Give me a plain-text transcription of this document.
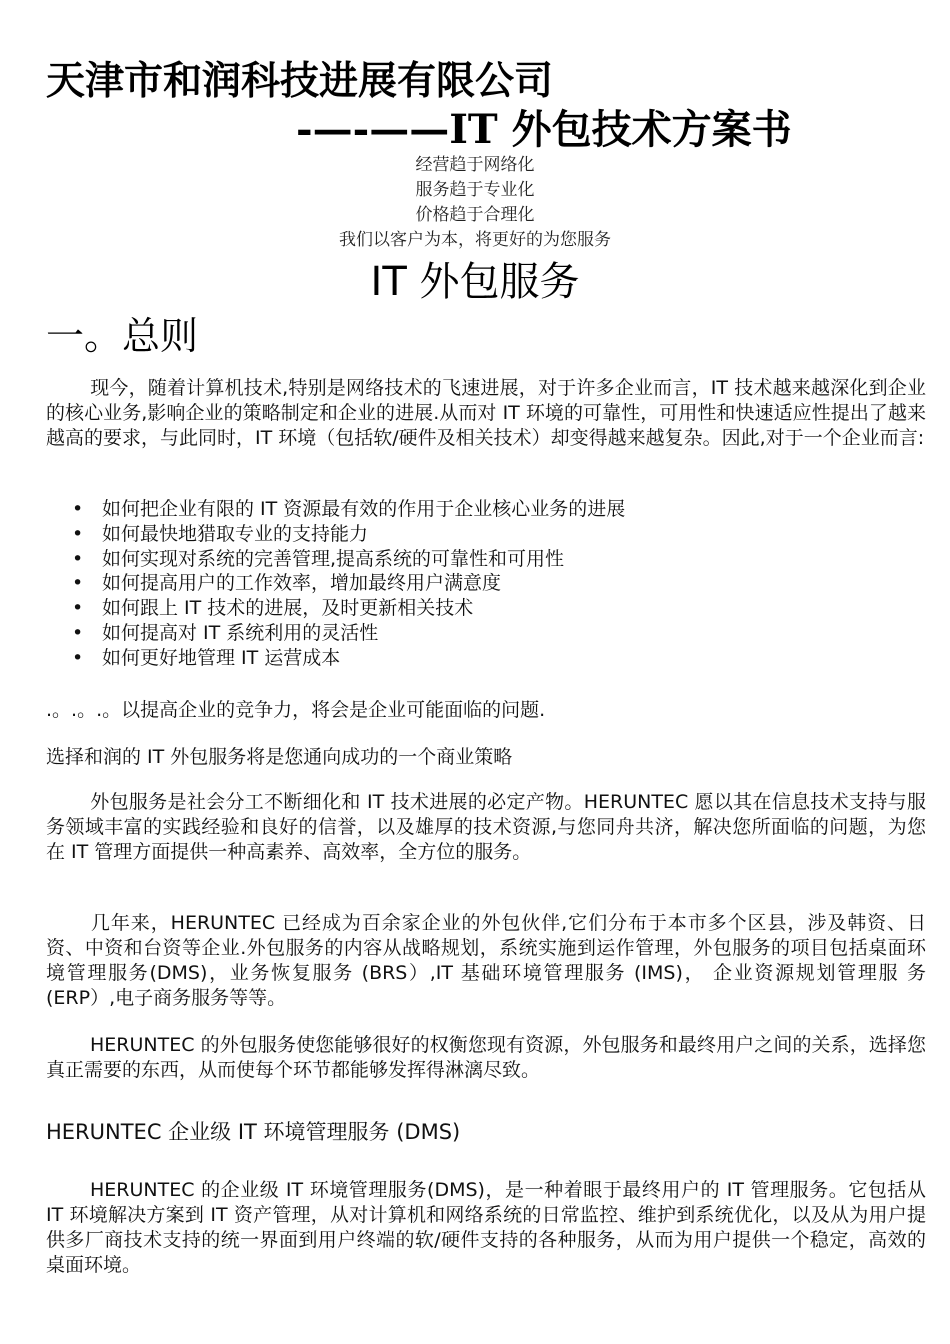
天津市和润科技进展有限公司
-—-——IT 外包技术方案书
经营趋于网络化
服务趋于专业化
价格趋于合理化
我们以客户为本，将更好的为您服务
IT 外包服务
一。总则
现今，随着计算机技术,特别是网络技术的飞速进展，对于许多企业而言，IT 技术越来越深化到企业的核心业务,影响企业的策略制定和企业的进展.从而对 IT 环境的可靠性，可用性和快速适应性提出了越来越高的要求，与此同时，IT 环境（包括软/硬件及相关技术）却变得越来越复杂。因此,对于一个企业而言:
• 如何把企业有限的 IT 资源最有效的作用于企业核心业务的进展
• 如何最快地猎取专业的支持能力
• 如何实现对系统的完善管理,提高系统的可靠性和可用性
• 如何提高用户的工作效率，增加最终用户满意度
• 如何跟上 IT 技术的进展，及时更新相关技术
• 如何提高对 IT 系统利用的灵活性
• 如何更好地管理 IT 运营成本
.。.。.。以提高企业的竞争力，将会是企业可能面临的问题.
选择和润的 IT 外包服务将是您通向成功的一个商业策略
外包服务是社会分工不断细化和 IT 技术进展的必定产物。HERUNTEC 愿以其在信息技术支持与服务领域丰富的实践经验和良好的信誉，以及雄厚的技术资源,与您同舟共济，解决您所面临的问题，为您在 IT 管理方面提供一种高素养、高效率，全方位的服务。
几年来，HERUNTEC 已经成为百余家企业的外包伙伴,它们分布于本市多个区县，涉及韩资、日资、中资和台资等企业.外包服务的内容从战略规划，系统实施到运作管理，外包服务的项目包括桌面环境管理服务(DMS)，业务恢复服务 (BRS）,IT 基础环境管理服务 (IMS)， 企业资源规划管理服 务 (ERP）,电子商务服务等等。
HERUNTEC 的外包服务使您能够很好的权衡您现有资源，外包服务和最终用户之间的关系，选择您真正需要的东西，从而使每个环节都能够发挥得淋漓尽致。
HERUNTEC 企业级 IT 环境管理服务 (DMS)
HERUNTEC 的企业级 IT 环境管理服务(DMS)，是一种着眼于最终用户的 IT 管理服务。它包括从 IT 环境解决方案到 IT 资产管理，从对计算机和网络系统的日常监控、维护到系统优化，以及从为用户提供多厂商技术支持的统一界面到用户终端的软/硬件支持的各种服务，从而为用户提供一个稳定，高效的桌面环境。
